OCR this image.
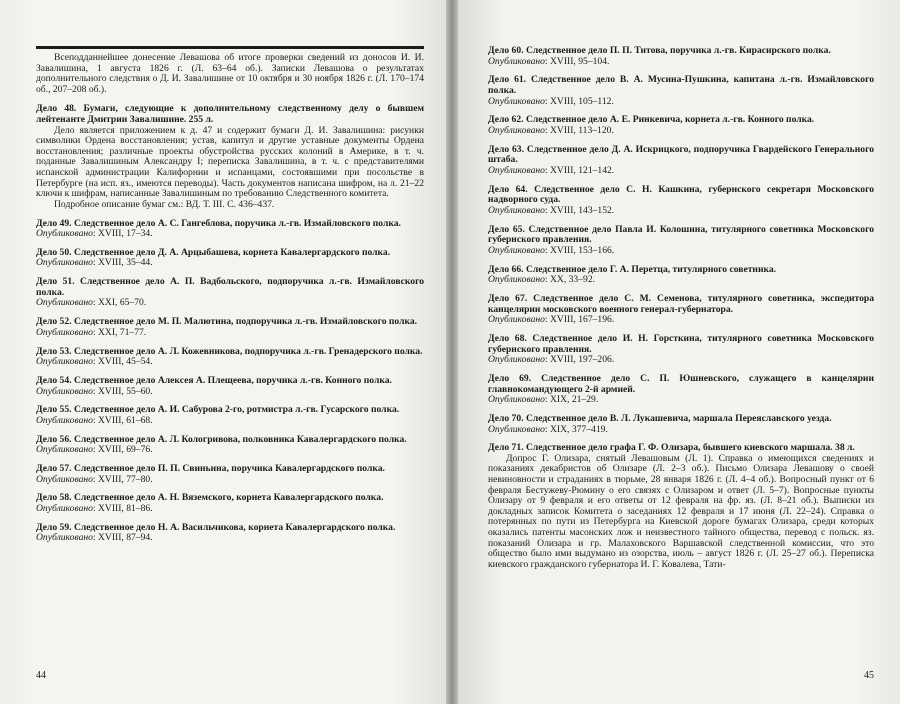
Всеподданнейшее донесение Левашова об итоге проверки сведений из доносов И. И. Завалишина, 1 августа 1826 г. (Л. 63–64 об.). Записки Левашова о результатах дополнительного следствия о Д. И. Завалишине от 10 октября и 30 ноября 1826 г. (Л. 170–174 об., 207–208 об.).

Дело 48. Бумаги, следующие к дополнительному следственному делу о бывшем лейтенанте Дмитрии Завалишине. 255 л.

Дело является приложением к д. 47 и содержит бумаги Д. И. Завалишина: рисунки символики Ордена восстановления; устав, капитул и другие уставные документы Ордена восстановления; различные проекты обустройства русских колоний в Америке, в т. ч. поданные Завалишиным Александру I; переписка Завалишина, в т. ч. с представителями испанской администрации Калифорнии и испанцами, состоявшими при посольстве в Петербурге (на исп. яз., имеются переводы). Часть документов написана шифром, на л. 21–22 ключи к шифрам, написанные Завалишиным по требованию Следственного комитета.

Подробное описание бумаг см.: ВД. Т. III. С. 436–437.

Дело 49. Следственное дело А. С. Гангеблова, поручика л.-гв. Измайловского полка.

Опубликовано: XVIII, 17–34.

Дело 50. Следственное дело Д. А. Арцыбашева, корнета Кавалергардского полка.

Опубликовано: XVIII, 35–44.

Дело 51. Следственное дело А. П. Вадбольского, подпоручика л.-гв. Измайловского полка.

Опубликовано: XXI, 65–70.

Дело 52. Следственное дело М. П. Малютина, подпоручика л.-гв. Измайловского полка.

Опубликовано: XXI, 71–77.

Дело 53. Следственное дело А. Л. Кожевникова, подпоручика л.-гв. Гренадерского полка.

Опубликовано: XVIII, 45–54.

Дело 54. Следственное дело Алексея А. Плещеева, поручика л.-гв. Конного полка.

Опубликовано: XVIII, 55–60.

Дело 55. Следственное дело А. И. Сабурова 2-го, ротмистра л.-гв. Гусарского полка.

Опубликовано: XVIII, 61–68.

Дело 56. Следственное дело А. Л. Кологривова, полковника Кавалергардского полка.

Опубликовано: XVIII, 69–76.

Дело 57. Следственное дело П. П. Свиньина, поручика Кавалергардского полка.

Опубликовано: XVIII, 77–80.

Дело 58. Следственное дело А. Н. Вяземского, корнета Кавалергардского полка.

Опубликовано: XVIII, 81–86.

Дело 59. Следственное дело Н. А. Васильчикова, корнета Кавалергардского полка.

Опубликовано: XVIII, 87–94.

44

Дело 60. Следственное дело П. П. Титова, поручика л.-гв. Кирасирского полка.

Опубликовано: XVIII, 95–104.

Дело 61. Следственное дело В. А. Мусина-Пушкина, капитана л.-гв. Измайловского полка.

Опубликовано: XVIII, 105–112.

Дело 62. Следственное дело А. Е. Ринкевича, корнета л.-гв. Конного полка.

Опубликовано: XVIII, 113–120.

Дело 63. Следственное дело Д. А. Искрицкого, подпоручика Гвардейского Генерального штаба.

Опубликовано: XVIII, 121–142.

Дело 64. Следственное дело С. Н. Кашкина, губернского секретаря Московского надворного суда.

Опубликовано: XVIII, 143–152.

Дело 65. Следственное дело Павла И. Колошина, титулярного советника Московского губернского правления.

Опубликовано: XVIII, 153–166.

Дело 66. Следственное дело Г. А. Перетца, титулярного советника.

Опубликовано: XX, 33–92.

Дело 67. Следственное дело С. М. Семенова, титулярного советника, экспедитора канцелярии московского военного генерал-губернатора.

Опубликовано: XVIII, 167–196.

Дело 68. Следственное дело И. Н. Горсткина, титулярного советника Московского губернского правления.

Опубликовано: XVIII, 197–206.

Дело 69. Следственное дело С. П. Юшневского, служащего в канцелярии главнокомандующего 2-й армией.

Опубликовано: XIX, 21–29.

Дело 70. Следственное дело В. Л. Лукашевича, маршала Переяславского уезда.

Опубликовано: XIX, 377–419.

Дело 71. Следственное дело графа Г. Ф. Олизара, бывшего киевского маршала. 38 л.

Допрос Г. Олизара, снятый Левашовым (Л. 1). Справка о имеющихся сведениях и показаниях декабристов об Олизаре (Л. 2–3 об.). Письмо Олизара Левашову о своей невиновности и страданиях в тюрьме, 28 января 1826 г. (Л. 4–4 об.). Вопросный пункт от 6 февраля Бестужеву-Рюмину о его связях с Олизаром и ответ (Л. 5–7). Вопросные пункты Олизару от 9 февраля и его ответы от 12 февраля на фр. яз. (Л. 8–21 об.). Выписки из докладных записок Комитета о заседаниях 12 февраля и 17 июня (Л. 22–24). Справка о потерянных по пути из Петербурга на Киевской дороге бумагах Олизара, среди которых оказались патенты масонских лож и неизвестного тайного общества, перевод с польск. яз. показаний Олизара и гр. Малаховского Варшавской следственной комиссии, что это общество было ими выдумано из озорства, июль – август 1826 г. (Л. 25–27 об.). Переписка киевского гражданского губернатора И. Г. Ковалева, Тати-

45
